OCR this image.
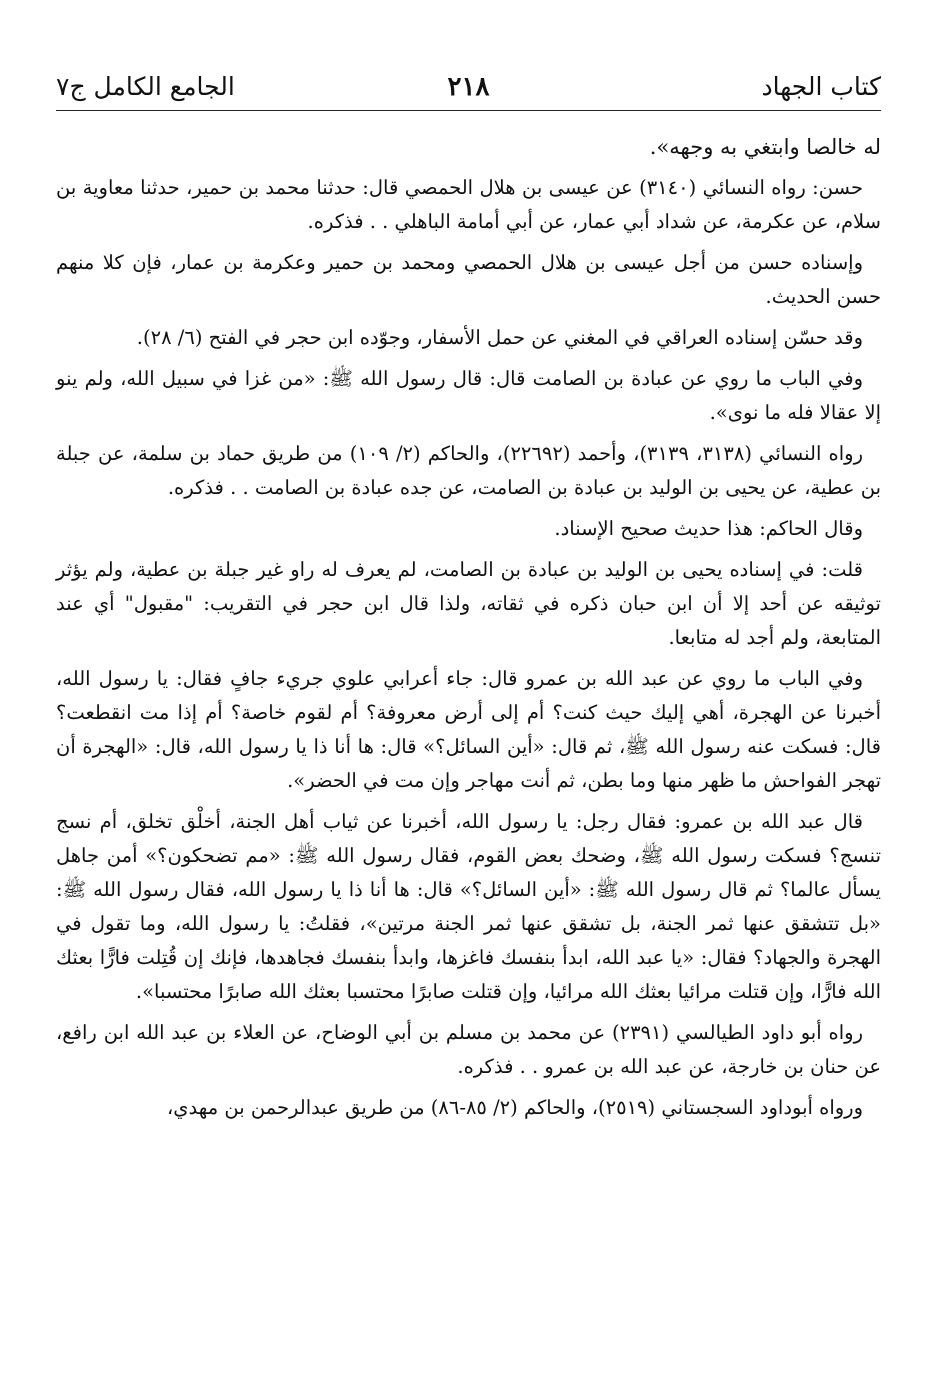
كتاب الجهاد
٢١٨
الجامع الكامل ج٧

له خالصا وابتغي به وجهه».

حسن: رواه النسائي (٣١٤٠) عن عيسى بن هلال الحمصي قال: حدثنا محمد بن حمير، حدثنا معاوية بن سلام، عن عكرمة، عن شداد أبي عمار، عن أبي أمامة الباهلي . . فذكره.

وإسناده حسن من أجل عيسى بن هلال الحمصي ومحمد بن حمير وعكرمة بن عمار، فإن كلا منهم حسن الحديث.

وقد حسّن إسناده العراقي في المغني عن حمل الأسفار، وجوّده ابن حجر في الفتح (٦/ ٢٨).

وفي الباب ما روي عن عبادة بن الصامت قال: قال رسول الله ﷺ: «من غزا في سبيل الله، ولم ينو إلا عقالا فله ما نوى».

رواه النسائي (٣١٣٨، ٣١٣٩)، وأحمد (٢٢٦٩٢)، والحاكم (٢/ ١٠٩) من طريق حماد بن سلمة، عن جبلة بن عطية، عن يحيى بن الوليد بن عبادة بن الصامت، عن جده عبادة بن الصامت . . فذكره.

وقال الحاكم: هذا حديث صحيح الإسناد.

قلت: في إسناده يحيى بن الوليد بن عبادة بن الصامت، لم يعرف له راو غير جبلة بن عطية، ولم يؤثر توثيقه عن أحد إلا أن ابن حبان ذكره في ثقاته، ولذا قال ابن حجر في التقريب: "مقبول" أي عند المتابعة، ولم أجد له متابعا.

وفي الباب ما روي عن عبد الله بن عمرو قال: جاء أعرابي علوي جريء جافٍ فقال: يا رسول الله، أخبرنا عن الهجرة، أهي إليك حيث كنت؟ أم إلى أرض معروفة؟ أم لقوم خاصة؟ أم إذا مت انقطعت؟ قال: فسكت عنه رسول الله ﷺ، ثم قال: «أين السائل؟» قال: ها أنا ذا يا رسول الله، قال: «الهجرة أن تهجر الفواحش ما ظهر منها وما بطن، ثم أنت مهاجر وإن مت في الحضر».

قال عبد الله بن عمرو: فقال رجل: يا رسول الله، أخبرنا عن ثياب أهل الجنة، أخلْق تخلق، أم نسج تنسج؟ فسكت رسول الله ﷺ، وضحك بعض القوم، فقال رسول الله ﷺ: «مم تضحكون؟» أمن جاهل يسأل عالما؟ ثم قال رسول الله ﷺ: «أين السائل؟» قال: ها أنا ذا يا رسول الله، فقال رسول الله ﷺ: «بل تتشقق عنها ثمر الجنة، بل تشقق عنها ثمر الجنة مرتين»، فقلتُ: يا رسول الله، وما تقول في الهجرة والجهاد؟ فقال: «يا عبد الله، ابدأ بنفسك فاغزها، وابدأ بنفسك فجاهدها، فإنك إن قُتِلت فارًّا بعثك الله فارًّا، وإن قتلت مرائيا بعثك الله مرائيا، وإن قتلت صابرًا محتسبا بعثك الله صابرًا محتسبا».

رواه أبو داود الطيالسي (٢٣٩١) عن محمد بن مسلم بن أبي الوضاح، عن العلاء بن عبد الله ابن رافع، عن حنان بن خارجة، عن عبد الله بن عمرو . . فذكره.

ورواه أبوداود السجستاني (٢٥١٩)، والحاكم (٢/ ٨٥-٨٦) من طريق عبدالرحمن بن مهدي،
